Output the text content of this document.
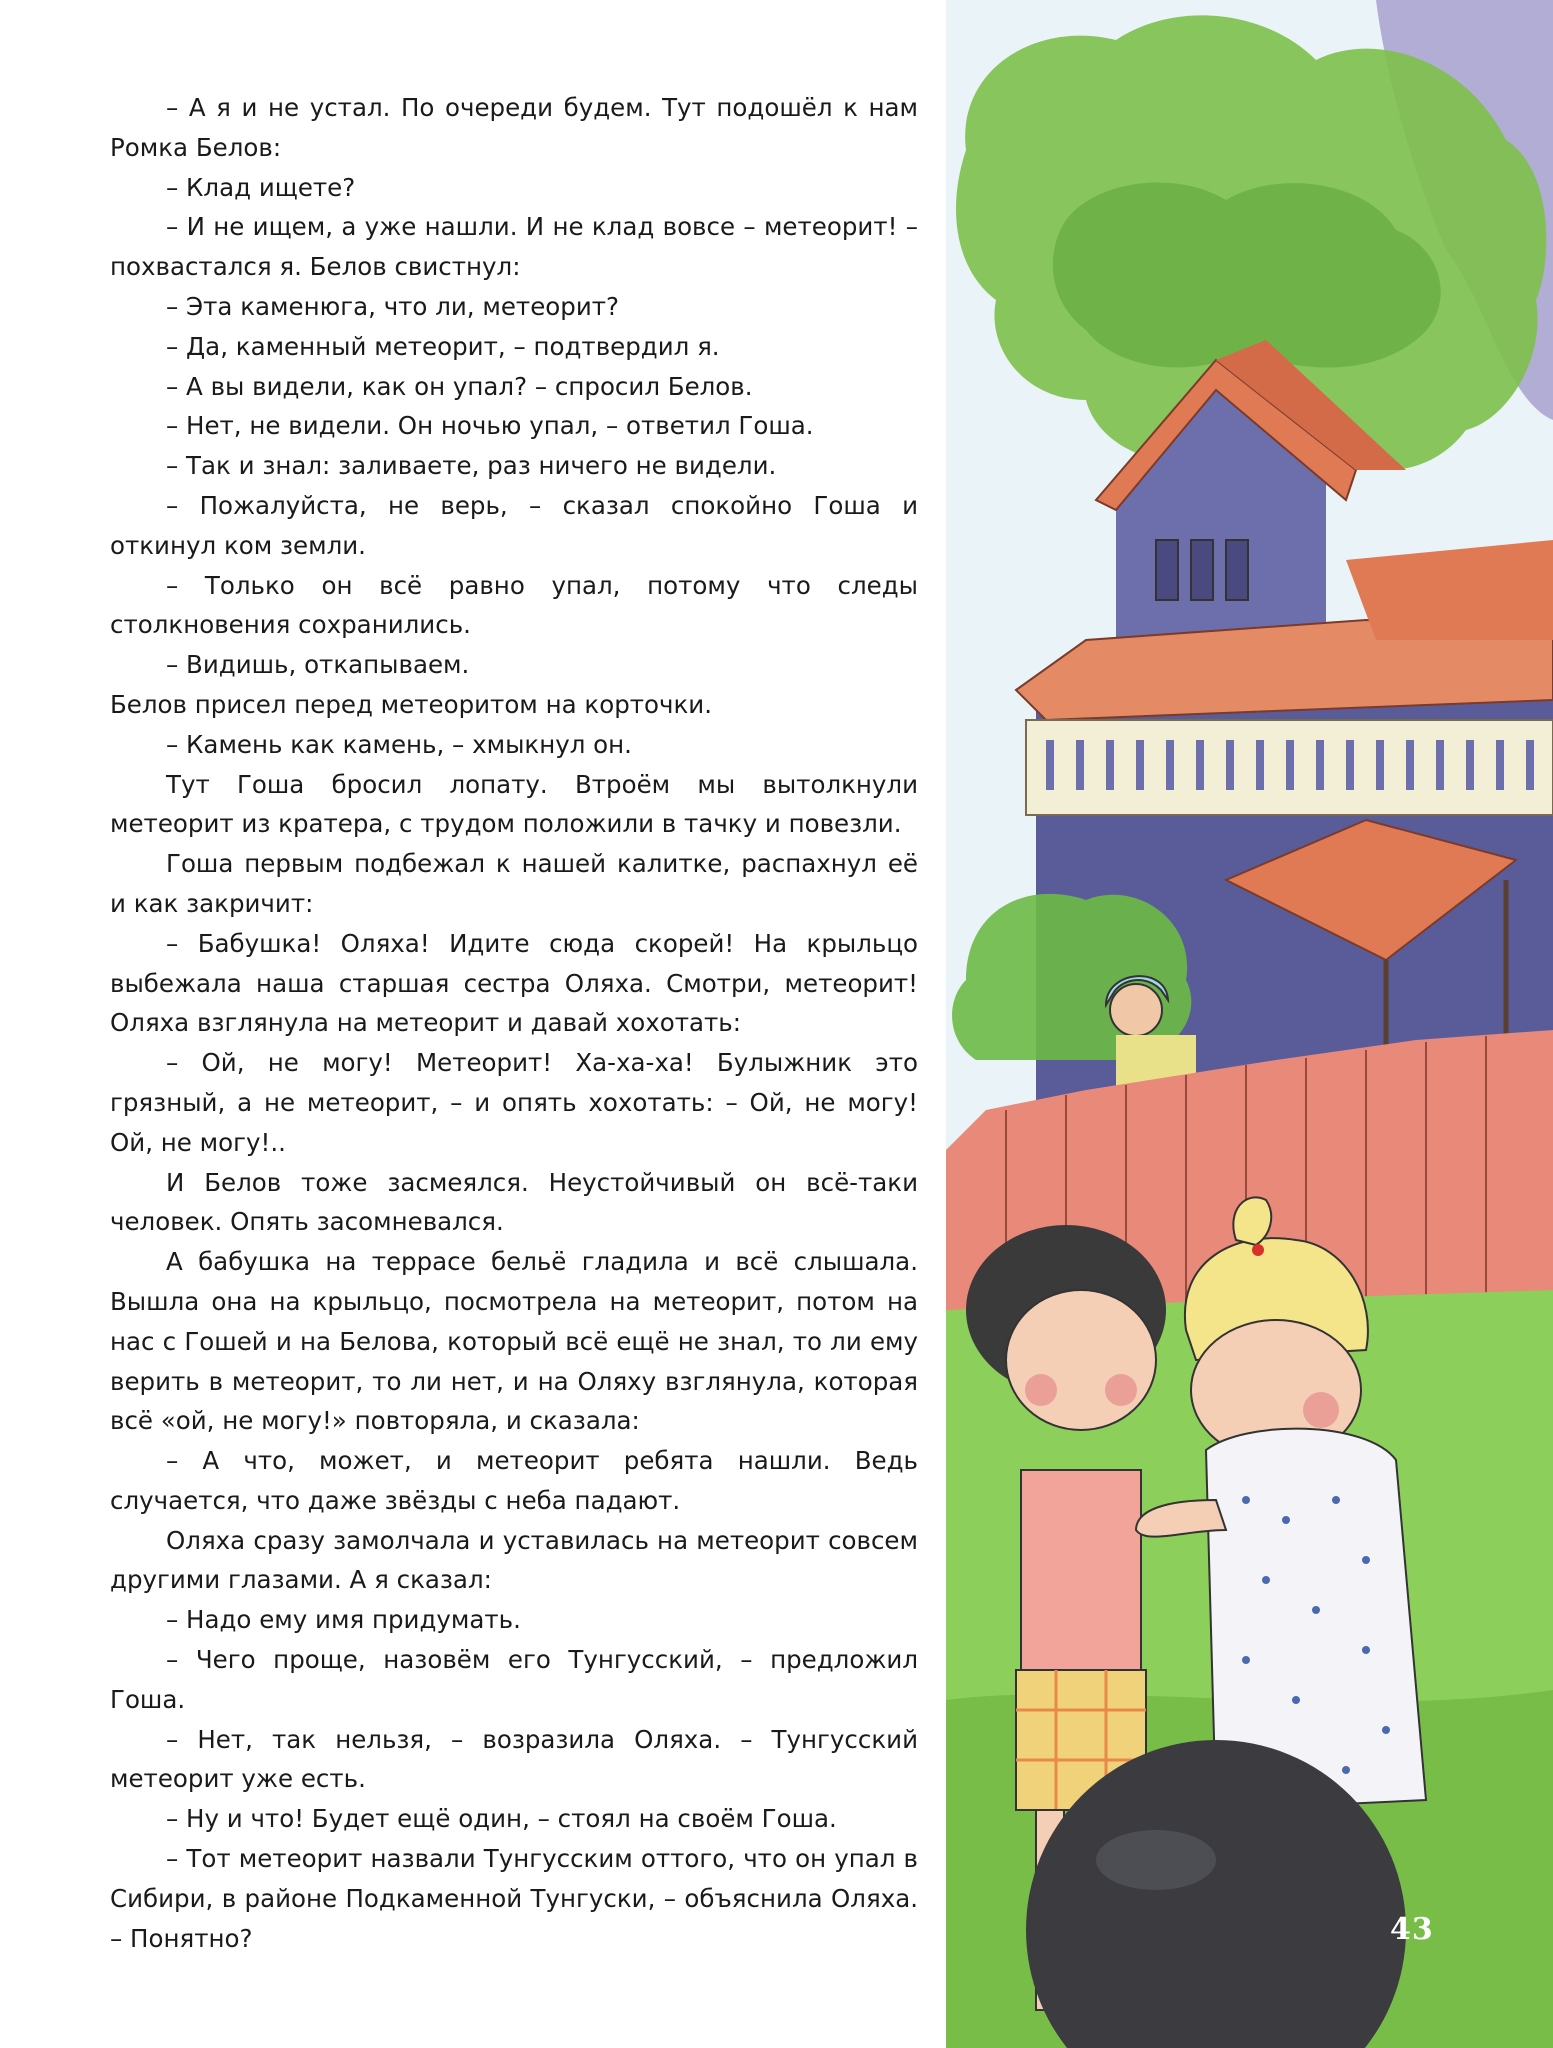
– А я и не устал. По очереди будем. Тут подошёл к нам Ромка Белов:

– Клад ищете?

– И не ищем, а уже нашли. И не клад вовсе – метеорит! – похвастался я. Белов свистнул:

– Эта каменюга, что ли, метеорит?

– Да, каменный метеорит, – подтвердил я.

– А вы видели, как он упал? – спросил Белов.

– Нет, не видели. Он ночью упал, – ответил Гоша.

– Так и знал: заливаете, раз ничего не видели.

– Пожалуйста, не верь, – сказал спокойно Гоша и откинул ком земли.

– Только он всё равно упал, потому что следы столкновения сохранились.

– Видишь, откапываем.

Белов присел перед метеоритом на корточки.

– Камень как камень, – хмыкнул он.

Тут Гоша бросил лопату. Втроём мы вытолкнули метеорит из кратера, с трудом положили в тачку и повезли.

Гоша первым подбежал к нашей калитке, распахнул её и как закричит:

– Бабушка! Оляха! Идите сюда скорей! На крыльцо выбежала наша старшая сестра Оляха. Смотри, метеорит! Оляха взглянула на метеорит и давай хохотать:

– Ой, не могу! Метеорит! Ха-ха-ха! Булыжник это грязный, а не метеорит, – и опять хохотать: – Ой, не могу! Ой, не могу!..

И Белов тоже засмеялся. Неустойчивый он всё-таки человек. Опять засомневался.

А бабушка на террасе бельё гладила и всё слышала. Вышла она на крыльцо, посмотрела на метеорит, потом на нас с Гошей и на Белова, который всё ещё не знал, то ли ему верить в метеорит, то ли нет, и на Оляху взглянула, которая всё «ой, не могу!» повторяла, и сказала:

– А что, может, и метеорит ребята нашли. Ведь случается, что даже звёзды с неба падают.

Оляха сразу замолчала и уставилась на метеорит совсем другими глазами. А я сказал:

– Надо ему имя придумать.

– Чего проще, назовём его Тунгусский, – предложил Гоша.

– Нет, так нельзя, – возразила Оляха. – Тунгусский метеорит уже есть.

– Ну и что! Будет ещё один, – стоял на своём Гоша.

– Тот метеорит назвали Тунгусским оттого, что он упал в Сибири, в районе Подкаменной Тунгуски, – объяснила Оляха. – Понятно?	43
